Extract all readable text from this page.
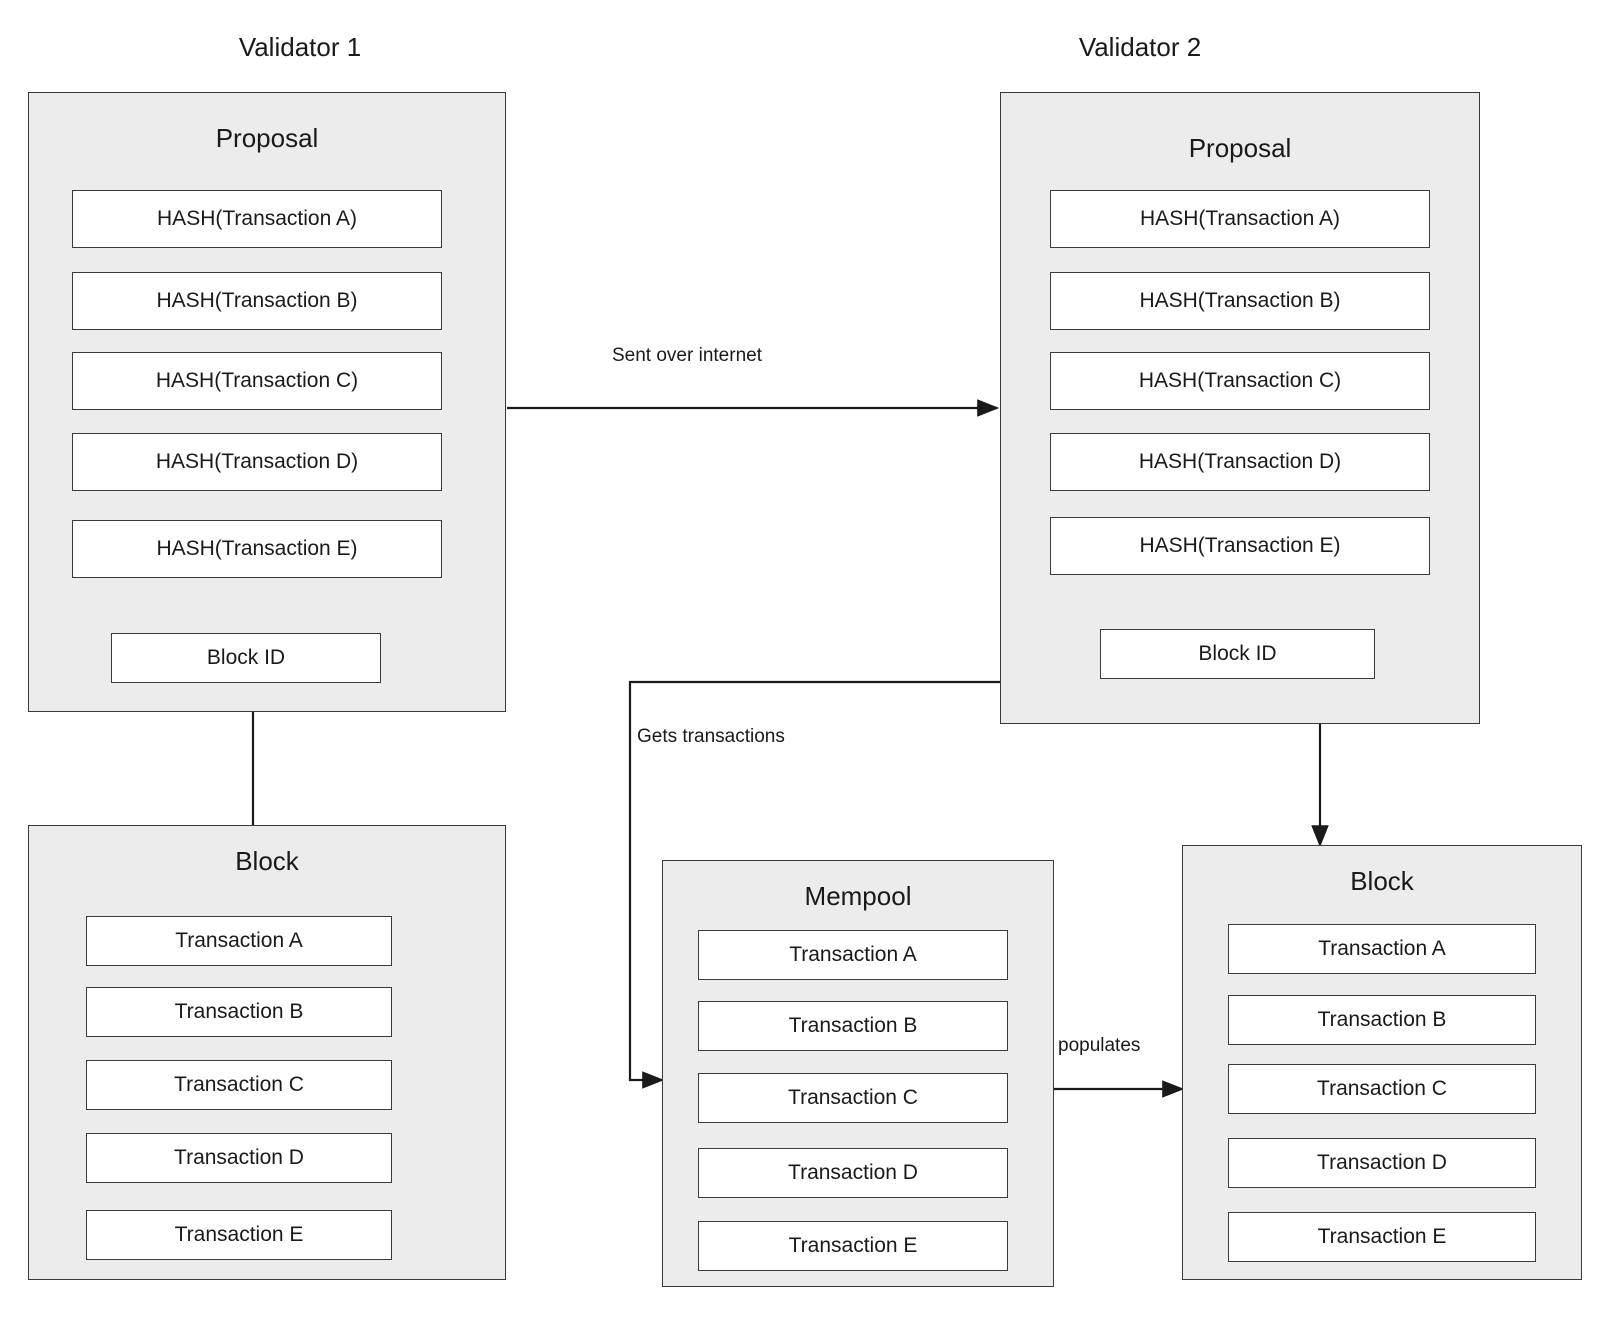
Validator 1
Proposal
HASH(Transaction A)
HASH(Transaction B)
HASH(Transaction C)
HASH(Transaction D)
HASH(Transaction E)
Block ID
Block
Transaction A
Transaction B
Transaction C
Transaction D
Transaction E
Validator 2
Proposal
HASH(Transaction A)
HASH(Transaction B)
HASH(Transaction C)
HASH(Transaction D)
HASH(Transaction E)
Block ID
Block
Transaction A
Transaction B
Transaction C
Transaction D
Transaction E
Mempool
Transaction A
Transaction B
Transaction C
Transaction D
Transaction E
Sent over internet
Gets transactions
populates
